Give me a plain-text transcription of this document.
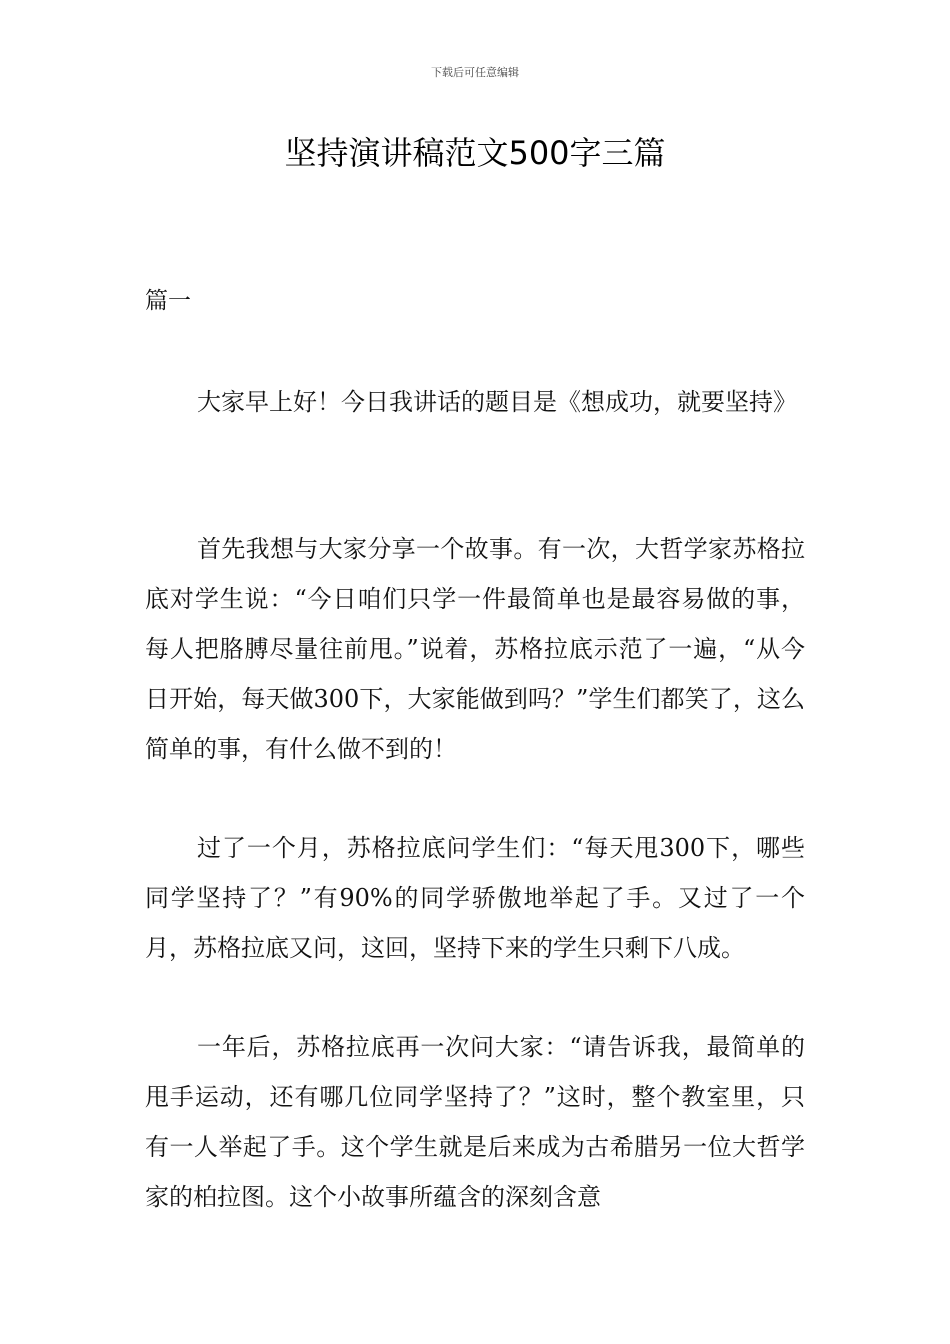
下载后可任意编辑
坚持演讲稿范文500字三篇
篇一

大家早上好！今日我讲话的题目是《想成功，就要坚持》

首先我想与大家分享一个故事。有一次，大哲学家苏格拉底对学生说：“今日咱们只学一件最简单也是最容易做的事，每人把胳膊尽量往前甩。”说着，苏格拉底示范了一遍，“从今日开始，每天做300下，大家能做到吗？”学生们都笑了，这么简单的事，有什么做不到的！

过了一个月，苏格拉底问学生们：“每天甩300下，哪些同学坚持了？”有90%的同学骄傲地举起了手。又过了一个月，苏格拉底又问，这回，坚持下来的学生只剩下八成。

一年后，苏格拉底再一次问大家：“请告诉我，最简单的甩手运动，还有哪几位同学坚持了？”这时，整个教室里，只有一人举起了手。这个学生就是后来成为古希腊另一位大哲学家的柏拉图。这个小故事所蕴含的深刻含意
